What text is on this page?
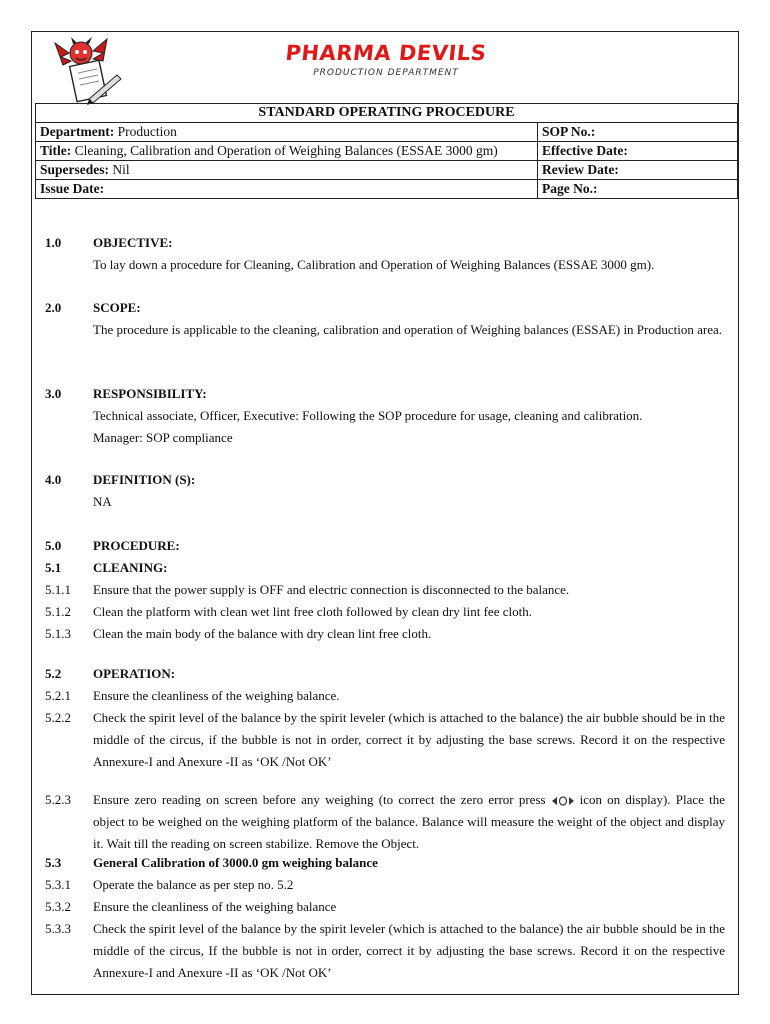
PHARMA DEVILS
PRODUCTION DEPARTMENT
STANDARD OPERATING PROCEDURE	
Department: Production	SOP No.:
Title: Cleaning, Calibration and Operation of Weighing Balances (ESSAE 3000 gm)	Effective Date:
Supersedes: Nil	Review Date:
Issue Date:	Page No.:
1.0	OBJECTIVE:
To lay down a procedure for Cleaning, Calibration and Operation of Weighing Balances (ESSAE 3000 gm).
2.0	SCOPE:
The procedure is applicable to the cleaning, calibration and operation of Weighing balances (ESSAE) in Production area.
3.0	RESPONSIBILITY:
Technical associate, Officer, Executive: Following the SOP procedure for usage, cleaning and calibration.
Manager: SOP compliance
4.0	DEFINITION (S):
NA
5.0	PROCEDURE:
5.1	CLEANING:
5.1.1	Ensure that the power supply is OFF and electric connection is disconnected to the balance.
5.1.2	Clean the platform with clean wet lint free cloth followed by clean dry lint fee cloth.
5.1.3	Clean the main body of the balance with dry clean lint free cloth.
5.2	OPERATION:
5.2.1	Ensure the cleanliness of the weighing balance.
5.2.2	Check the spirit level of the balance by the spirit leveler (which is attached to the balance) the air bubble should be in the middle of the circus, if the bubble is not in order, correct it by adjusting the base screws. Record it on the respective Annexure-I and Anexure -II as ‘OK /Not OK’
5.2.3	Ensure zero reading on screen before any weighing (to correct the zero error press	icon on display). Place the object to be weighed on the weighing platform of the balance. Balance will measure the weight of the object and display it. Wait till the reading on screen stabilize. Remove the Object.
5.3	General Calibration of 3000.0 gm weighing balance
5.3.1	Operate the balance as per step no. 5.2
5.3.2	Ensure the cleanliness of the weighing balance
5.3.3	Check the spirit level of the balance by the spirit leveler (which is attached to the balance) the air bubble should be in the middle of the circus, If the bubble is not in order, correct it by adjusting the base screws. Record it on the respective Annexure-I and Anexure -II as ‘OK /Not OK’
